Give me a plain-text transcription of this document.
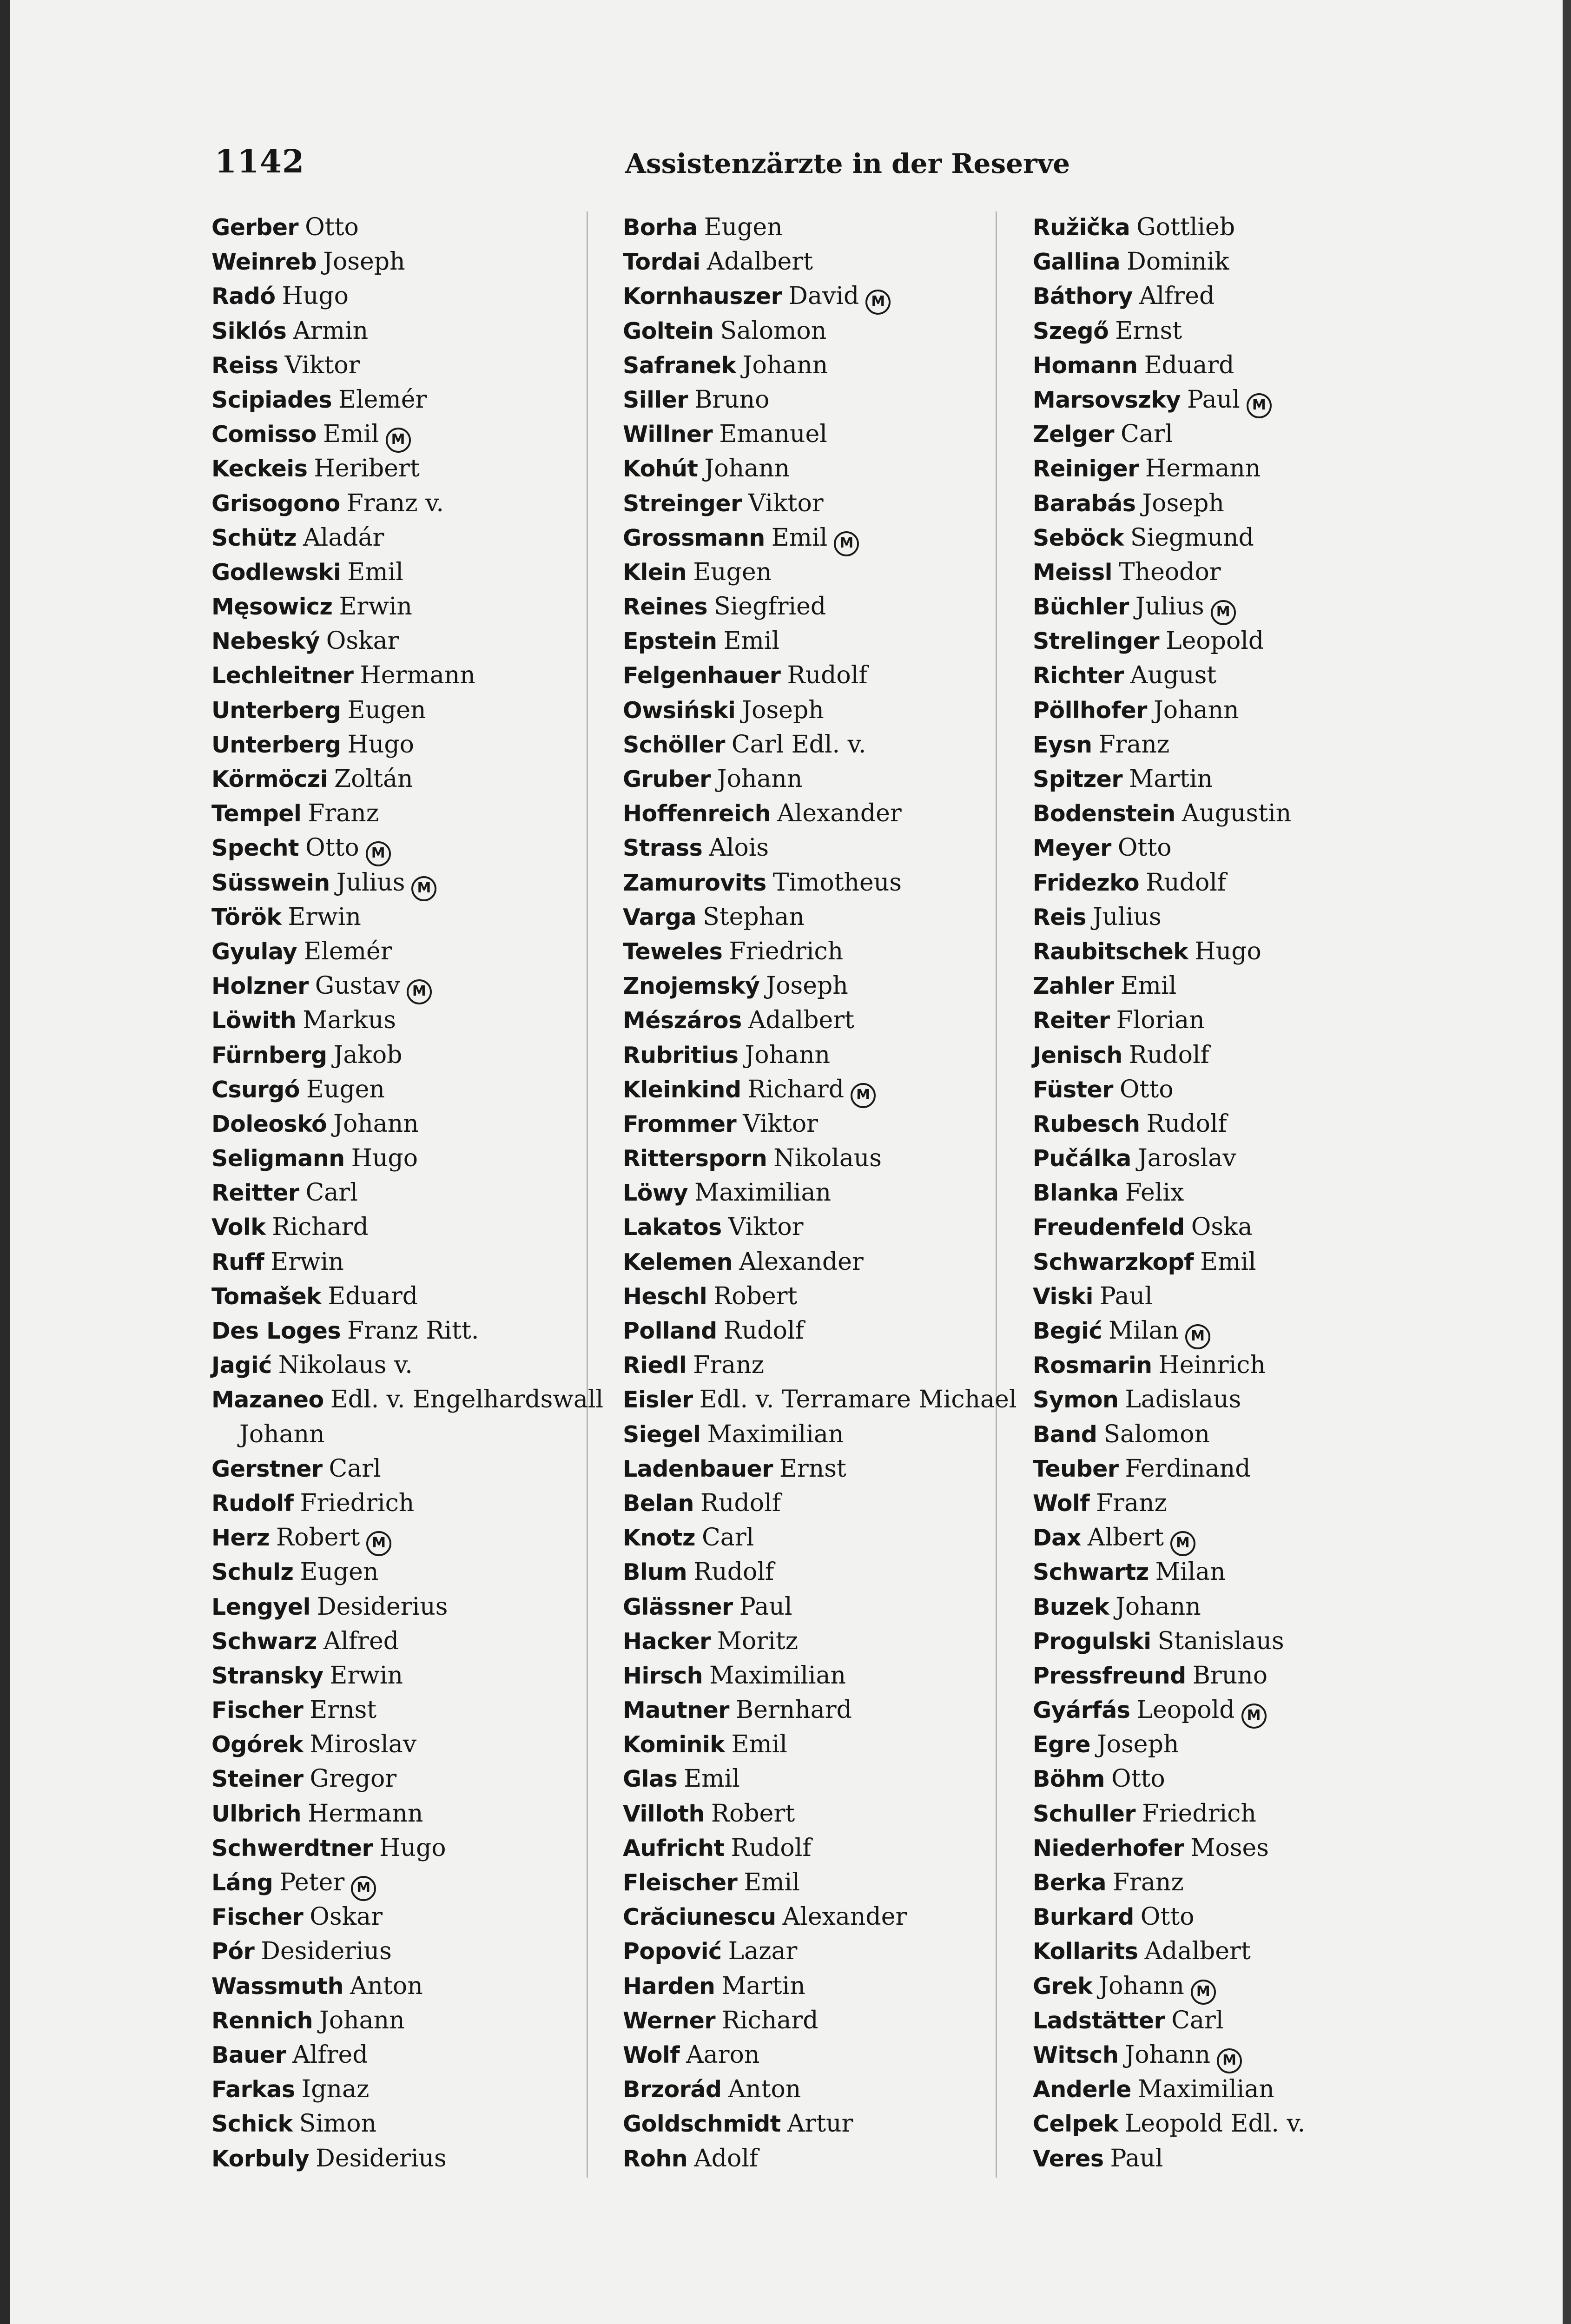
1142	Assistenzärzte in der Reserve
Gerber Otto
Weinreb Joseph
Radó Hugo
Siklós Armin
Reiss Viktor
Scipiades Elemér
Comisso Emil M
Keckeis Heribert
Grisogono Franz v.
Schütz Aladár
Godlewski Emil
Męsowicz Erwin
Nebeský Oskar
Lechleitner Hermann
Unterberg Eugen
Unterberg Hugo
Körmöczi Zoltán
Tempel Franz
Specht Otto M
Süsswein Julius M
Török Erwin
Gyulay Elemér
Holzner Gustav M
Löwith Markus
Fürnberg Jakob
Csurgó Eugen
Doleoskó Johann
Seligmann Hugo
Reitter Carl
Volk Richard
Ruff Erwin
Tomašek Eduard
Des Loges Franz Ritt.
Jagić Nikolaus v.
Mazaneo Edl. v. Engelhardswall
Johann
Gerstner Carl
Rudolf Friedrich
Herz Robert M
Schulz Eugen
Lengyel Desiderius
Schwarz Alfred
Stransky Erwin
Fischer Ernst
Ogórek Miroslav
Steiner Gregor
Ulbrich Hermann
Schwerdtner Hugo
Láng Peter M
Fischer Oskar
Pór Desiderius
Wassmuth Anton
Rennich Johann
Bauer Alfred
Farkas Ignaz
Schick Simon
Korbuly Desiderius
Borha Eugen
Tordai Adalbert
Kornhauszer David M
Goltein Salomon
Safranek Johann
Siller Bruno
Willner Emanuel
Kohút Johann
Streinger Viktor
Grossmann Emil M
Klein Eugen
Reines Siegfried
Epstein Emil
Felgenhauer Rudolf
Owsiński Joseph
Schöller Carl Edl. v.
Gruber Johann
Hoffenreich Alexander
Strass Alois
Zamurovits Timotheus
Varga Stephan
Teweles Friedrich
Znojemský Joseph
Mészáros Adalbert
Rubritius Johann
Kleinkind Richard M
Frommer Viktor
Rittersporn Nikolaus
Löwy Maximilian
Lakatos Viktor
Kelemen Alexander
Heschl Robert
Polland Rudolf
Riedl Franz
Eisler Edl. v. Terramare Michael
Siegel Maximilian
Ladenbauer Ernst
Belan Rudolf
Knotz Carl
Blum Rudolf
Glässner Paul
Hacker Moritz
Hirsch Maximilian
Mautner Bernhard
Kominik Emil
Glas Emil
Villoth Robert
Aufricht Rudolf
Fleischer Emil
Crăciunescu Alexander
Popović Lazar
Harden Martin
Werner Richard
Wolf Aaron
Brzorád Anton
Goldschmidt Artur
Rohn Adolf
Ružička Gottlieb
Gallina Dominik
Báthory Alfred
Szegő Ernst
Homann Eduard
Marsovszky Paul M
Zelger Carl
Reiniger Hermann
Barabás Joseph
Seböck Siegmund
Meissl Theodor
Büchler Julius M
Strelinger Leopold
Richter August
Pöllhofer Johann
Eysn Franz
Spitzer Martin
Bodenstein Augustin
Meyer Otto
Fridezko Rudolf
Reis Julius
Raubitschek Hugo
Zahler Emil
Reiter Florian
Jenisch Rudolf
Füster Otto
Rubesch Rudolf
Pučálka Jaroslav
Blanka Felix
Freudenfeld Oska
Schwarzkopf Emil
Viski Paul
Begić Milan M
Rosmarin Heinrich
Symon Ladislaus
Band Salomon
Teuber Ferdinand
Wolf Franz
Dax Albert M
Schwartz Milan
Buzek Johann
Progulski Stanislaus
Pressfreund Bruno
Gyárfás Leopold M
Egre Joseph
Böhm Otto
Schuller Friedrich
Niederhofer Moses
Berka Franz
Burkard Otto
Kollarits Adalbert
Grek Johann M
Ladstätter Carl
Witsch Johann M
Anderle Maximilian
Celpek Leopold Edl. v.
Veres Paul
